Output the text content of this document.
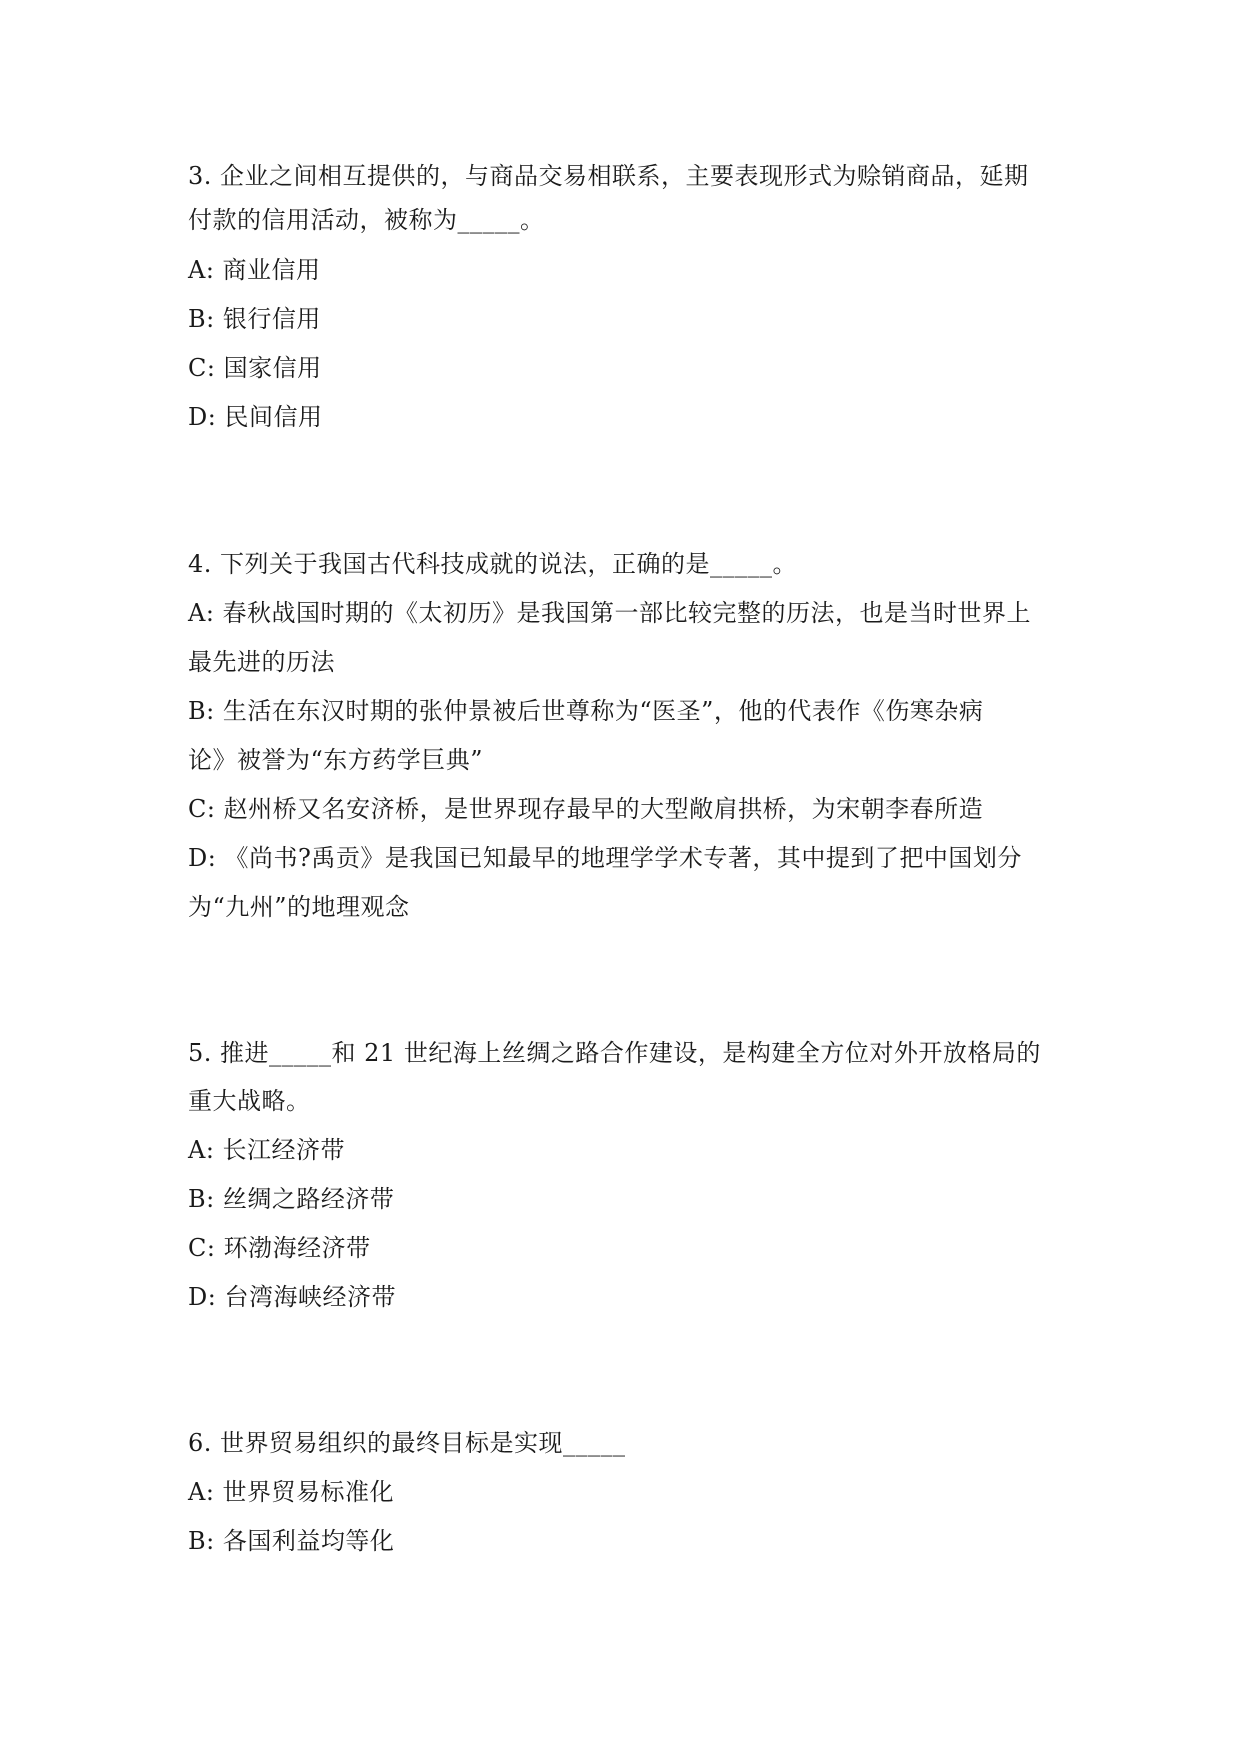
3. 企业之间相互提供的，与商品交易相联系，主要表现形式为赊销商品，延期
付款的信用活动，被称为_____。
A: 商业信用
B: 银行信用
C: 国家信用
D: 民间信用
4. 下列关于我国古代科技成就的说法，正确的是_____。
A: 春秋战国时期的《太初历》是我国第一部比较完整的历法，也是当时世界上
最先进的历法
B: 生活在东汉时期的张仲景被后世尊称为“医圣”，他的代表作《伤寒杂病
论》被誉为“东方药学巨典”
C: 赵州桥又名安济桥，是世界现存最早的大型敞肩拱桥，为宋朝李春所造
D: 《尚书?禹贡》是我国已知最早的地理学学术专著，其中提到了把中国划分
为“九州”的地理观念
5. 推进_____和 21 世纪海上丝绸之路合作建设，是构建全方位对外开放格局的
重大战略。
A: 长江经济带
B: 丝绸之路经济带
C: 环渤海经济带
D: 台湾海峡经济带
6. 世界贸易组织的最终目标是实现_____
A: 世界贸易标准化
B: 各国利益均等化
